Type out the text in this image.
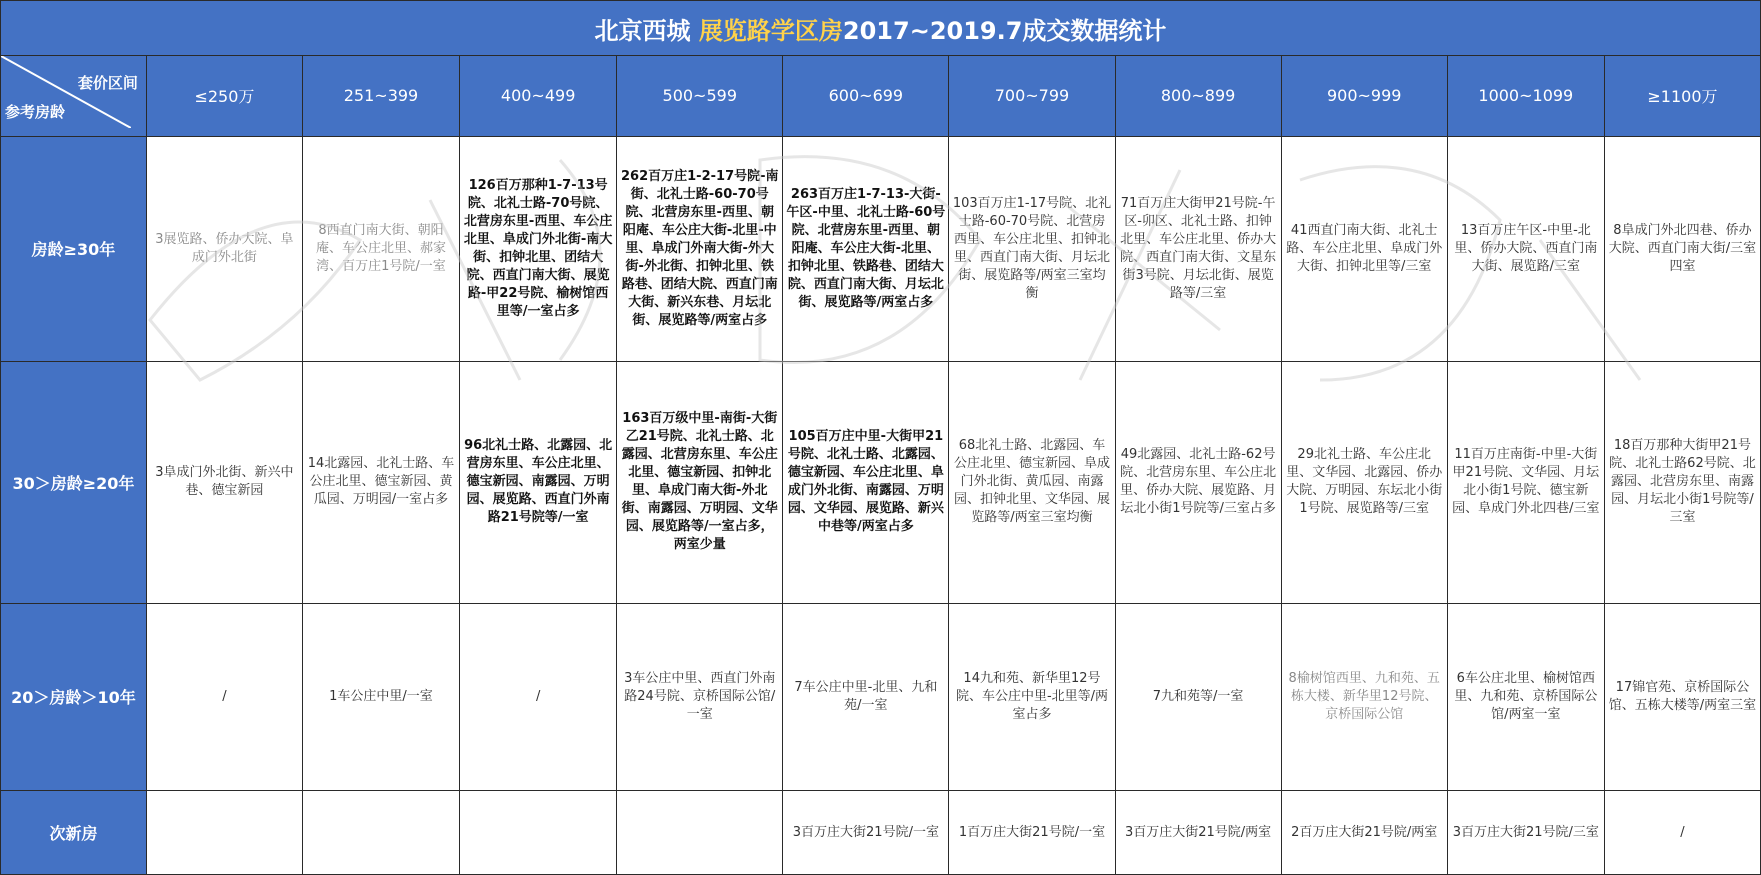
北京西城 展览路学区房2017~2019.7成交数据统计										

套价区间
参考房龄	≤250万	251~399	400~499	500~599	600~699	700~799	800~899	900~999	1000~1099	≥1100万
房龄≥30年	3展览路、侨办大院、阜成门外北街	8西直门南大街、朝阳庵、车公庄北里、郝家湾、百万庄1号院/一室	126百万那种1-7-13号院、北礼士路-70号院、北营房东里-西里、车公庄北里、阜成门外北街-南大街、扣钟北里、团结大院、西直门南大街、展览路-甲22号院、榆树馆西里等/一室占多	262百万庄1-2-17号院-南街、北礼士路-60-70号院、北营房东里-西里、朝阳庵、车公庄大街-北里-中里、阜成门外南大街-外大街-外北街、扣钟北里、铁路巷、团结大院、西直门南大街、新兴东巷、月坛北街、展览路等/两室占多	263百万庄1-7-13-大街-午区-中里、北礼士路-60号院、北营房东里-西里、朝阳庵、车公庄大街-北里、扣钟北里、铁路巷、团结大院、西直门南大街、月坛北街、展览路等/两室占多	103百万庄1-17号院、北礼士路-60-70号院、北营房西里、车公庄北里、扣钟北里、西直门南大街、月坛北街、展览路等/两室三室均衡	71百万庄大街甲21号院-午区-卯区、北礼士路、扣钟北里、车公庄北里、侨办大院、西直门南大街、文星东街3号院、月坛北街、展览路等/三室	41西直门南大街、北礼士路、车公庄北里、阜成门外大街、扣钟北里等/三室	13百万庄午区-中里-北里、侨办大院、西直门南大街、展览路/三室	8阜成门外北四巷、侨办大院、西直门南大街/三室四室
30＞房龄≥20年	3阜成门外北街、新兴中巷、德宝新园	14北露园、北礼士路、车公庄北里、德宝新园、黄瓜园、万明园/一室占多	96北礼士路、北露园、北营房东里、车公庄北里、德宝新园、南露园、万明园、展览路、西直门外南路21号院等/一室	163百万级中里-南街-大街乙21号院、北礼士路、北露园、北营房东里、车公庄北里、德宝新园、扣钟北里、阜成门南大街-外北街、南露园、万明园、文华园、展览路等/一室占多，两室少量	105百万庄中里-大街甲21号院、北礼士路、北露园、德宝新园、车公庄北里、阜成门外北街、南露园、万明园、文华园、展览路、新兴中巷等/两室占多	68北礼士路、北露园、车公庄北里、德宝新园、阜成门外北街、黄瓜园、南露园、扣钟北里、文华园、展览路等/两室三室均衡	49北露园、北礼士路-62号院、北营房东里、车公庄北里、侨办大院、展览路、月坛北小街1号院等/三室占多	29北礼士路、车公庄北里、文华园、北露园、侨办大院、万明园、东坛北小街1号院、展览路等/三室	11百万庄南街-中里-大街甲21号院、文华园、月坛北小街1号院、德宝新园、阜成门外北四巷/三室	18百万那种大街甲21号院、北礼士路62号院、北露园、北营房东里、南露园、月坛北小街1号院等/三室
20＞房龄＞10年	/	1车公庄中里/一室	/	3车公庄中里、西直门外南路24号院、京桥国际公馆/一室	7车公庄中里-北里、九和苑/一室	14九和苑、新华里12号院、车公庄中里-北里等/两室占多	7九和苑等/一室	8榆树馆西里、九和苑、五栋大楼、新华里12号院、京桥国际公馆	6车公庄北里、榆树馆西里、九和苑、京桥国际公馆/两室一室	17锦官苑、京桥国际公馆、五栋大楼等/两室三室
次新房					3百万庄大街21号院/一室	1百万庄大街21号院/一室	3百万庄大街21号院/两室	2百万庄大街21号院/两室	3百万庄大街21号院/三室	/
